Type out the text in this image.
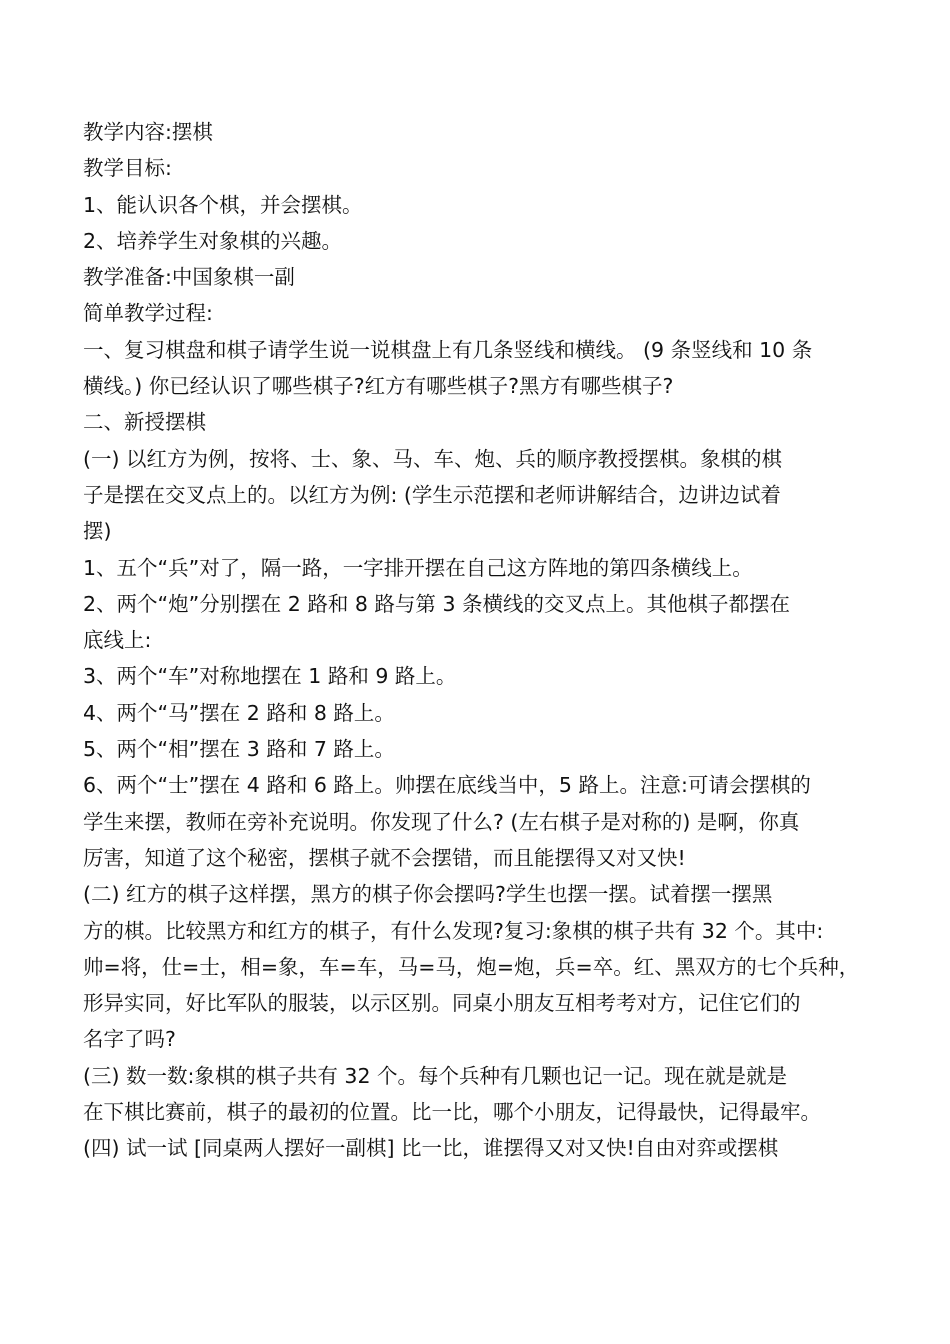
教学内容:摆棋

教学目标:

1、能认识各个棋，并会摆棋。

2、培养学生对象棋的兴趣。

教学准备:中国象棋一副

简单教学过程:

一、复习棋盘和棋子请学生说一说棋盘上有几条竖线和横线。 (9 条竖线和 10 条

横线。) 你已经认识了哪些棋子?红方有哪些棋子?黑方有哪些棋子?

二、新授摆棋

(一) 以红方为例，按将、士、象、马、车、炮、兵的顺序教授摆棋。象棋的棋

子是摆在交叉点上的。以红方为例: (学生示范摆和老师讲解结合，边讲边试着

摆)

1、五个“兵”对了，隔一路，一字排开摆在自己这方阵地的第四条横线上。

2、两个“炮”分别摆在 2 路和 8 路与第 3 条横线的交叉点上。其他棋子都摆在

底线上:

3、两个“车”对称地摆在 1 路和 9 路上。

4、两个“马”摆在 2 路和 8 路上。

5、两个“相”摆在 3 路和 7 路上。

6、两个“士”摆在 4 路和 6 路上。帅摆在底线当中，5 路上。注意:可请会摆棋的

学生来摆，教师在旁补充说明。你发现了什么? (左右棋子是对称的) 是啊，你真

厉害，知道了这个秘密，摆棋子就不会摆错，而且能摆得又对又快!

(二) 红方的棋子这样摆，黑方的棋子你会摆吗?学生也摆一摆。试着摆一摆黑

方的棋。比较黑方和红方的棋子，有什么发现?复习:象棋的棋子共有 32 个。其中:

帅=将，仕=士，相=象，车=车，马=马，炮=炮，兵=卒。红、黑双方的七个兵种，

形异实同，好比军队的服装，以示区别。同桌小朋友互相考考对方，记住它们的

名字了吗?

(三) 数一数:象棋的棋子共有 32 个。每个兵种有几颗也记一记。现在就是就是

在下棋比赛前，棋子的最初的位置。比一比，哪个小朋友，记得最快，记得最牢。

(四) 试一试 [同桌两人摆好一副棋] 比一比，谁摆得又对又快!自由对弈或摆棋
